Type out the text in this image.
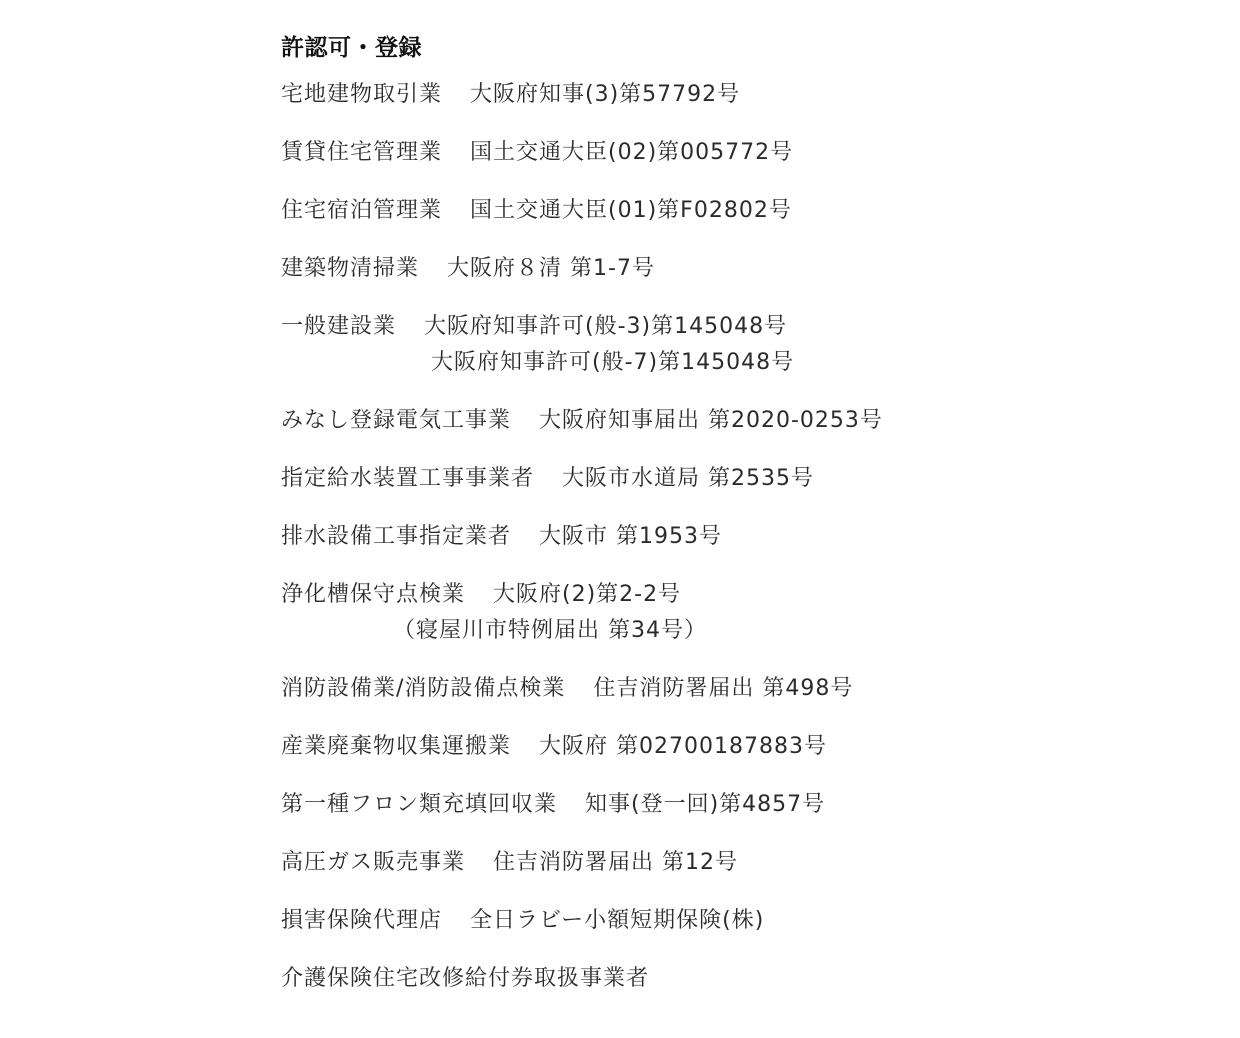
許認可・登録
宅地建物取引業 大阪府知事(3)第57792号
賃貸住宅管理業 国土交通大臣(02)第005772号
住宅宿泊管理業 国土交通大臣(01)第F02802号
建築物清掃業 大阪府８清 第1-7号
一般建設業 大阪府知事許可(般-3)第145048号
大阪府知事許可(般-7)第145048号
みなし登録電気工事業 大阪府知事届出 第2020-0253号
指定給水装置工事事業者 大阪市水道局 第2535号
排水設備工事指定業者 大阪市 第1953号
浄化槽保守点検業 大阪府(2)第2-2号
（寝屋川市特例届出 第34号）
消防設備業/消防設備点検業 住吉消防署届出 第498号
産業廃棄物収集運搬業 大阪府 第02700187883号
第一種フロン類充填回収業 知事(登一回)第4857号
高圧ガス販売事業 住吉消防署届出 第12号
損害保険代理店 全日ラビー小額短期保険(株)
介護保険住宅改修給付券取扱事業者
